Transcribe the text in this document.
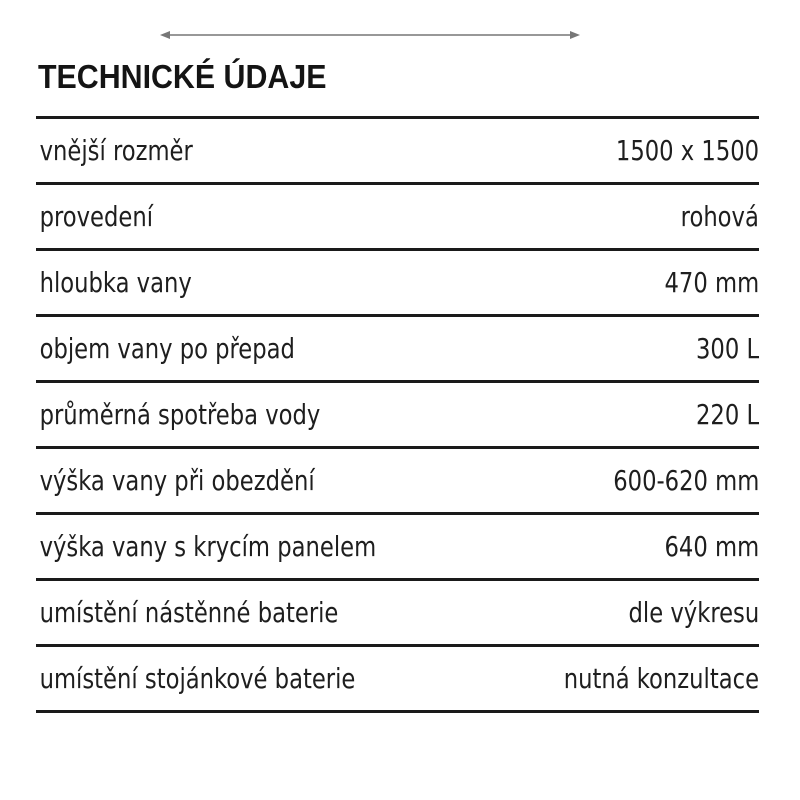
TECHNICKÉ ÚDAJE
vnější rozměr	1500 x 1500
provedení	rohová
hloubka vany	470 mm
objem vany po přepad	300 L
průměrná spotřeba vody	220 L
výška vany při obezdění	600-620 mm
výška vany s krycím panelem	640 mm
umístění nástěnné baterie	dle výkresu
umístění stojánkové baterie	nutná konzultace
